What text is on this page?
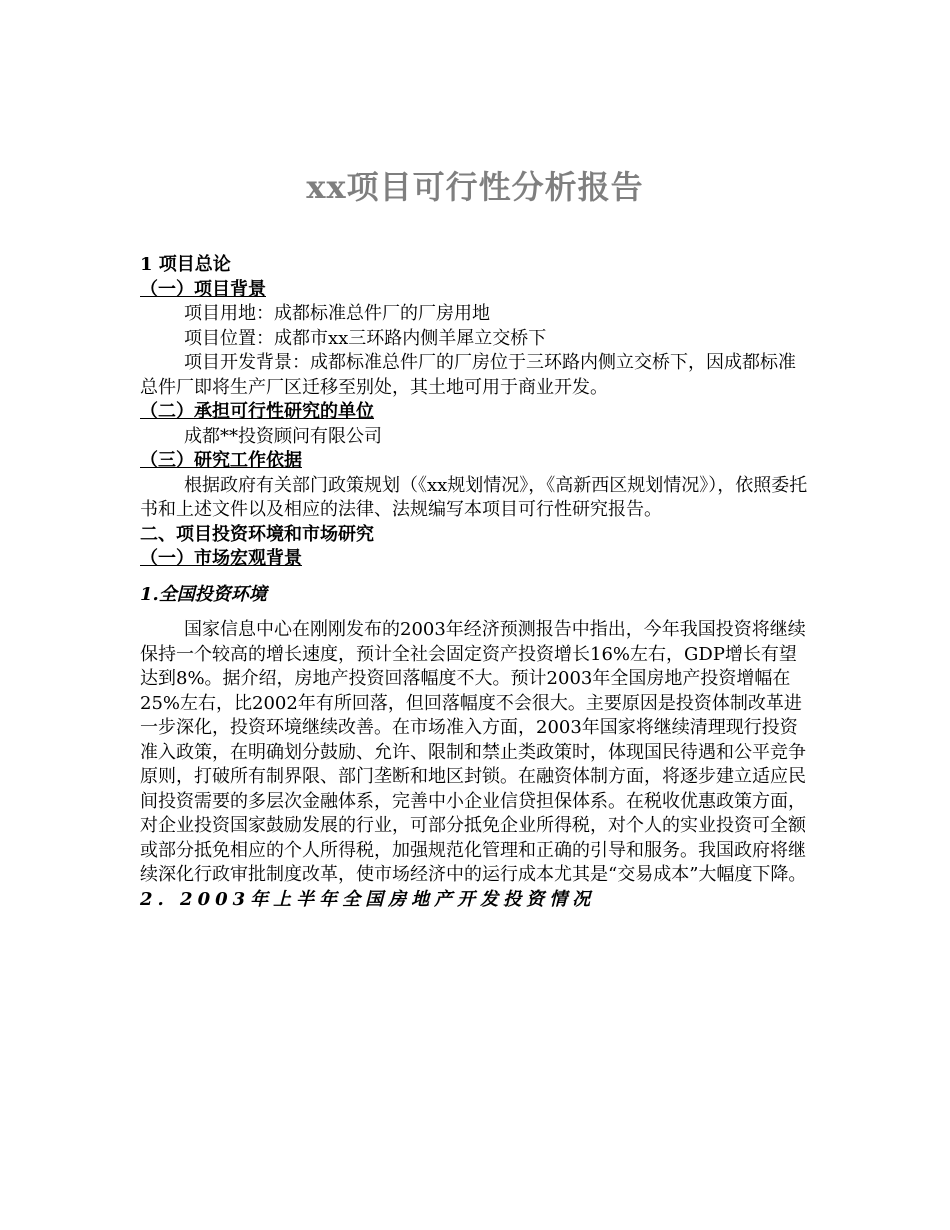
xx项目可行性分析报告

1 项目总论

（一）项目背景

项目用地：成都标准总件厂的厂房用地

项目位置：成都市xx三环路内侧羊犀立交桥下

项目开发背景：成都标准总件厂的厂房位于三环路内侧立交桥下，因成都标准总件厂即将生产厂区迁移至别处，其土地可用于商业开发。

（二）承担可行性研究的单位

成都**投资顾问有限公司

（三）研究工作依据

根据政府有关部门政策规划（《xx规划情况》，《高新西区规划情况》），依照委托书和上述文件以及相应的法律、法规编写本项目可行性研究报告。

二、项目投资环境和市场研究

（一）市场宏观背景

1.全国投资环境

国家信息中心在刚刚发布的2003年经济预测报告中指出，今年我国投资将继续保持一个较高的增长速度，预计全社会固定资产投资增长16%左右，GDP增长有望达到8%。据介绍，房地产投资回落幅度不大。预计2003年全国房地产投资增幅在25%左右，比2002年有所回落，但回落幅度不会很大。主要原因是投资体制改革进一步深化，投资环境继续改善。在市场准入方面，2003年国家将继续清理现行投资准入政策，在明确划分鼓励、允许、限制和禁止类政策时，体现国民待遇和公平竞争原则，打破所有制界限、部门垄断和地区封锁。在融资体制方面，将逐步建立适应民间投资需要的多层次金融体系，完善中小企业信贷担保体系。在税收优惠政策方面，对企业投资国家鼓励发展的行业，可部分抵免企业所得税，对个人的实业投资可全额或部分抵免相应的个人所得税，加强规范化管理和正确的引导和服务。我国政府将继续深化行政审批制度改革，使市场经济中的运行成本尤其是“交易成本”大幅度下降。

2. 2003年上半年全国房地产开发投资情况
